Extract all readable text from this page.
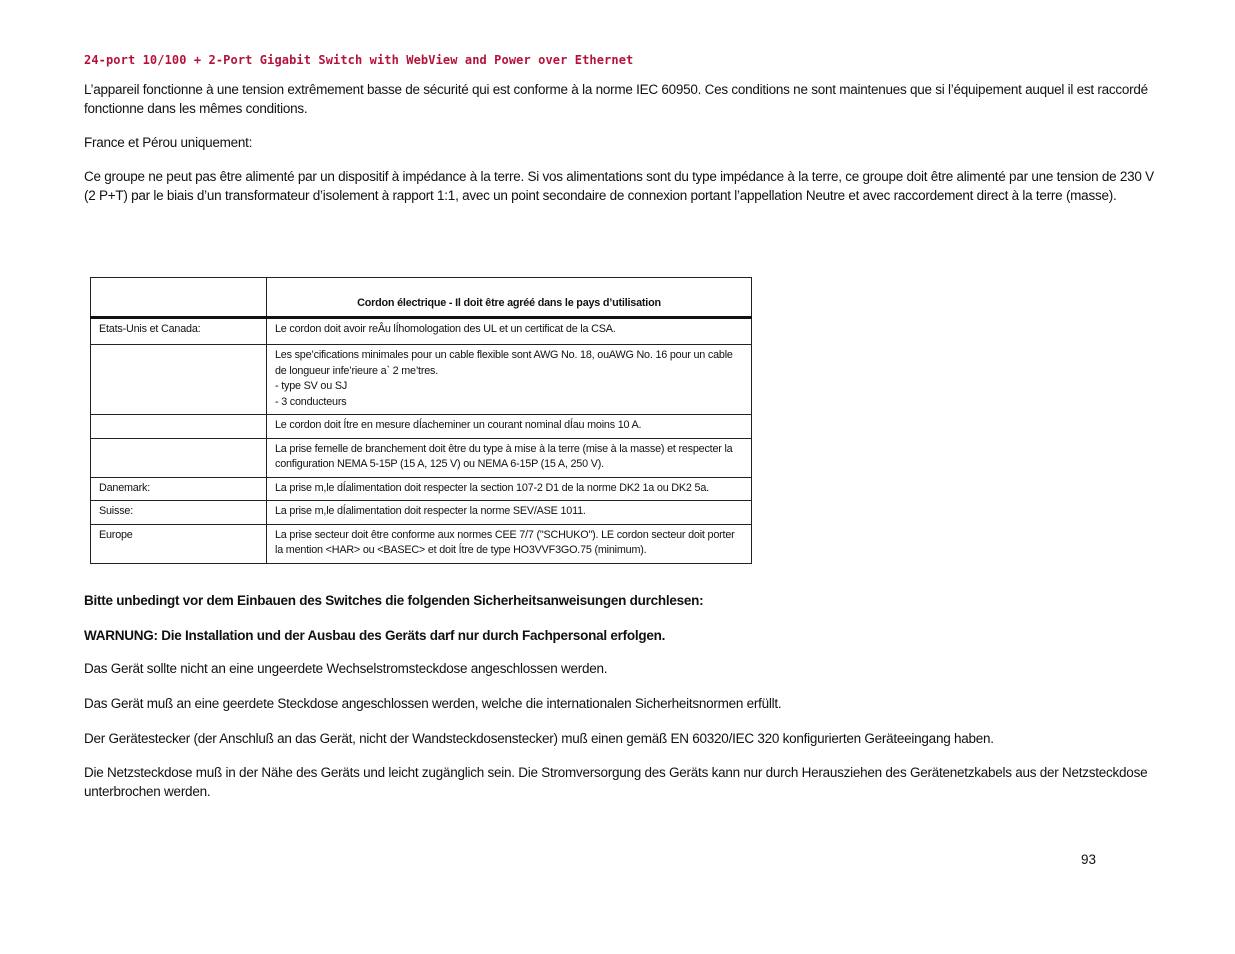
24-port 10/100 + 2-Port Gigabit Switch with WebView and Power over Ethernet
L’appareil fonctionne à une tension extrêmement basse de sécurité qui est conforme à la norme IEC 60950. Ces conditions ne sont maintenues que si l’équipement auquel il est raccordé fonctionne dans les mêmes conditions.
France et Pérou uniquement:
Ce groupe ne peut pas être alimenté par un dispositif à impédance à la terre. Si vos alimentations sont du type impédance à la terre, ce groupe doit être alimenté par une tension de 230 V (2 P+T) par le biais d’un transformateur d’isolement à rapport 1:1, avec un point secondaire de connexion portant l’appellation Neutre et avec raccordement direct à la terre (masse).
	Cordon électrique - Il doit être agréé dans le pays d’utilisation
Etats-Unis et Canada:	Le cordon doit avoir reÂu lÍhomologation des UL et un certificat de la CSA.
	Les spe’cifications minimales pour un cable flexible sont AWG No. 18, ouAWG No. 16 pour un cable de longueur infe’rieure a` 2 me’tres.
- type SV ou SJ
- 3 conducteurs
	Le cordon doit Ítre en mesure dÍacheminer un courant nominal dÍau moins 10 A.
	La prise femelle de branchement doit être du type à mise à la terre (mise à la masse) et respecter la configuration NEMA 5-15P (15 A, 125 V) ou NEMA 6-15P (15 A, 250 V).
Danemark:	La prise m,le dÍalimentation doit respecter la section 107-2 D1 de la norme DK2 1a ou DK2 5a.
Suisse:	La prise m,le dÍalimentation doit respecter la norme SEV/ASE 1011.
Europe	La prise secteur doit être conforme aux normes CEE 7/7 ("SCHUKO"). LE cordon secteur doit porter la mention <HAR> ou <BASEC> et doit Ítre de type HO3VVF3GO.75 (minimum).
Bitte unbedingt vor dem Einbauen des Switches die folgenden Sicherheitsanweisungen durchlesen:
WARNUNG: Die Installation und der Ausbau des Geräts darf nur durch Fachpersonal erfolgen.
Das Gerät sollte nicht an eine ungeerdete Wechselstromsteckdose angeschlossen werden.
Das Gerät muß an eine geerdete Steckdose angeschlossen werden, welche die internationalen Sicherheitsnormen erfüllt.
Der Gerätestecker (der Anschluß an das Gerät, nicht der Wandsteckdosenstecker) muß einen gemäß EN 60320/IEC 320 konfigurierten Geräteeingang haben.
Die Netzsteckdose muß in der Nähe des Geräts und leicht zugänglich sein. Die Stromversorgung des Geräts kann nur durch Herausziehen des Gerätenetzkabels aus der Netzsteckdose unterbrochen werden.
93
